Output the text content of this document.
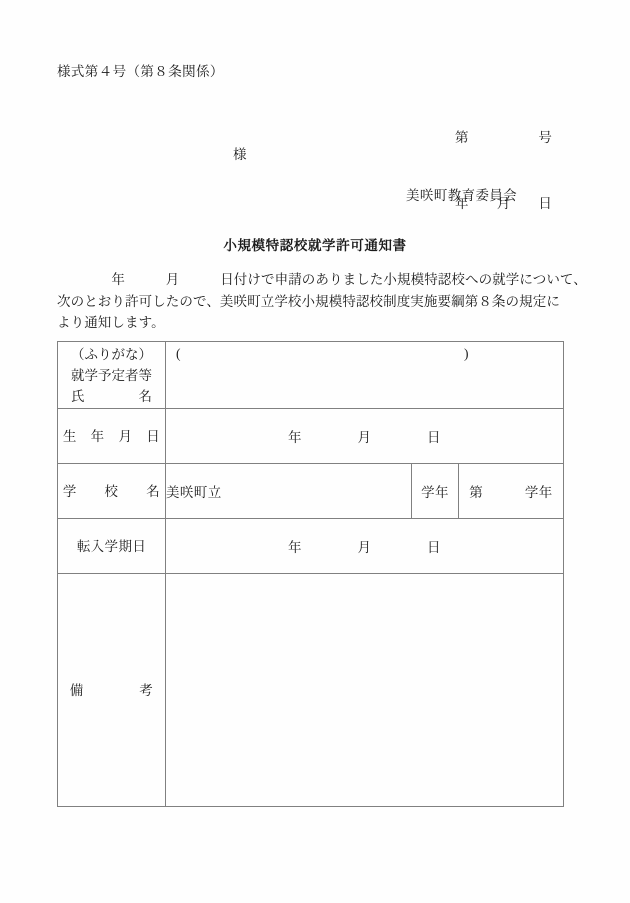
様式第４号（第８条関係）

第　　　　　号

年　　月　　日

様
美咲町教育委員会
小規模特認校就学許可通知書
　　　　年　　　月　　　日付けで申請のありました小規模特認校への就学について、
次のとおり許可したので、美咲町立学校小規模特認校制度実施要綱第８条の規定に
より通知します。
（ふりがな）
就学予定者等
氏　　　　名	( )		

生　年　月　日	年　　　　月　　　　日		
学　　校　　名	美咲町立	学年	第　　　学年
転入学期日	年　　　　月　　　　日		
備　　　　考			
